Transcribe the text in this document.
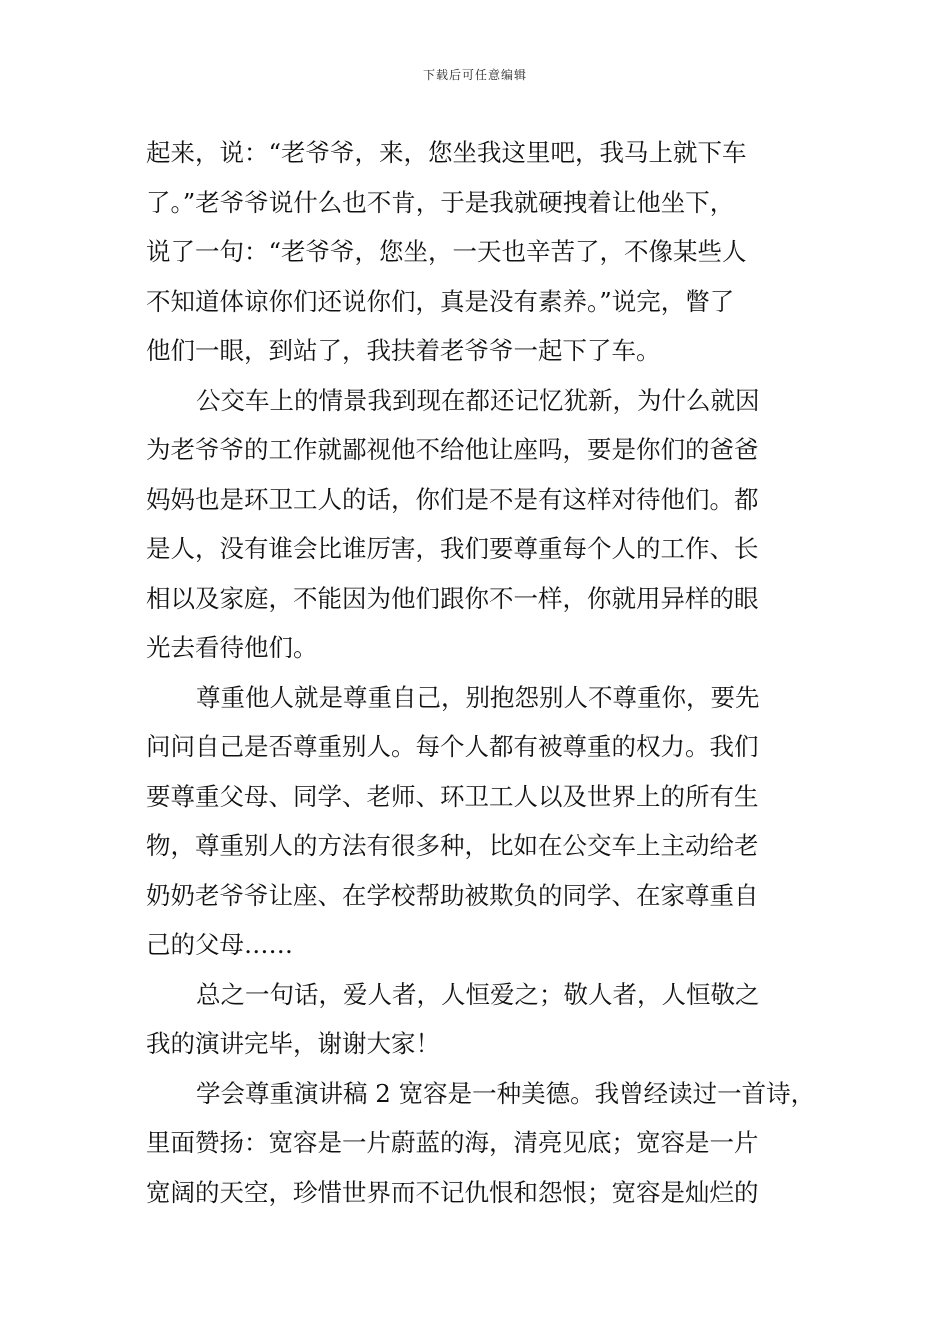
下载后可任意编辑
起来，说：“老爷爷，来，您坐我这里吧，我马上就下车
了。”老爷爷说什么也不肯，于是我就硬拽着让他坐下，
说了一句：“老爷爷，您坐，一天也辛苦了，不像某些人
不知道体谅你们还说你们，真是没有素养。”说完，瞥了
他们一眼，到站了，我扶着老爷爷一起下了车。
公交车上的情景我到现在都还记忆犹新，为什么就因
为老爷爷的工作就鄙视他不给他让座吗，要是你们的爸爸
妈妈也是环卫工人的话，你们是不是有这样对待他们。都
是人，没有谁会比谁厉害，我们要尊重每个人的工作、长
相以及家庭，不能因为他们跟你不一样，你就用异样的眼
光去看待他们。
尊重他人就是尊重自己，别抱怨别人不尊重你，要先
问问自己是否尊重别人。每个人都有被尊重的权力。我们
要尊重父母、同学、老师、环卫工人以及世界上的所有生
物，尊重别人的方法有很多种，比如在公交车上主动给老
奶奶老爷爷让座、在学校帮助被欺负的同学、在家尊重自
己的父母……
总之一句话，爱人者，人恒爱之；敬人者，人恒敬之
我的演讲完毕，谢谢大家！
学会尊重演讲稿 2 宽容是一种美德。我曾经读过一首诗，
里面赞扬：宽容是一片蔚蓝的海，清亮见底；宽容是一片
宽阔的天空，珍惜世界而不记仇恨和怨恨；宽容是灿烂的
